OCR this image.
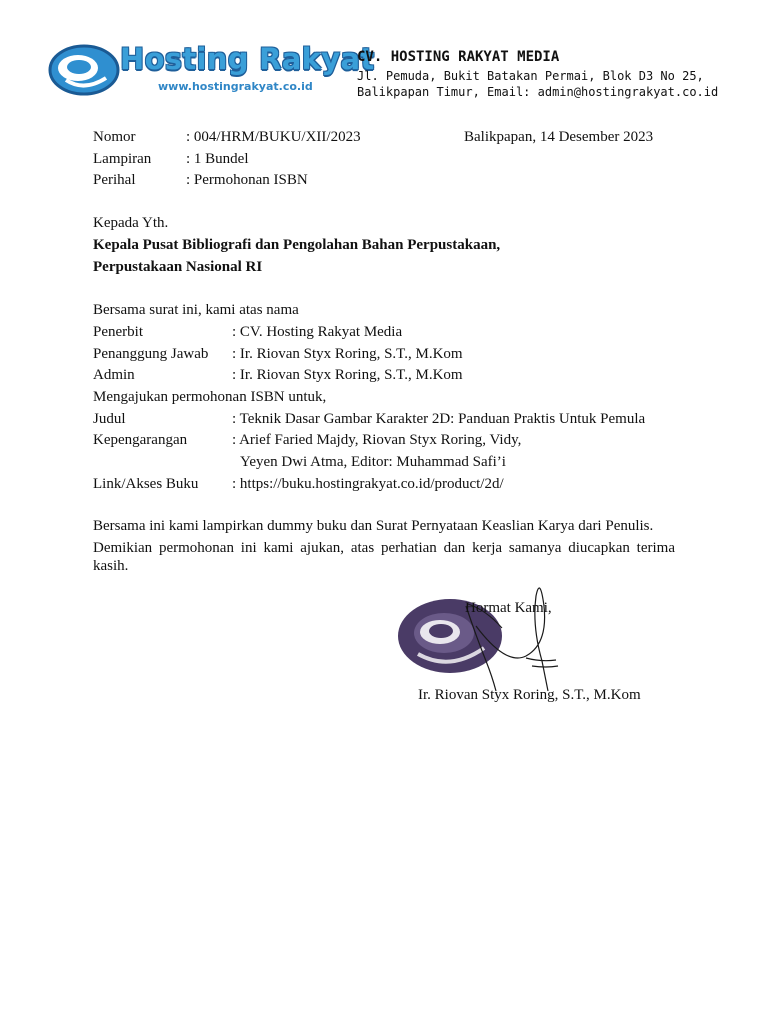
Hosting Rakyat
www.hostingrakyat.co.id
CV. HOSTING RAKYAT MEDIA
Jl. Pemuda, Bukit Batakan Permai, Blok D3 No 25,
Balikpapan Timur, Email: admin@hostingrakyat.co.id
Nomor	: 004/HRM/BUKU/XII/2023	Balikpapan, 14 Desember 2023
Lampiran : 1 Bundel
Perihal	: Permohonan ISBN
Kepada Yth.
Kepala Pusat Bibliografi dan Pengolahan Bahan Perpustakaan,
Perpustakaan Nasional RI
Bersama surat ini, kami atas nama
Penerbit	: CV. Hosting Rakyat Media
Penanggung Jawab : Ir. Riovan Styx Roring, S.T., M.Kom
Admin	: Ir. Riovan Styx Roring, S.T., M.Kom
Mengajukan permohonan ISBN untuk,
Judul	: Teknik Dasar Gambar Karakter 2D: Panduan Praktis Untuk Pemula
Kepengarangan	: Arief Faried Majdy, Riovan Styx Roring, Vidy,
Yeyen Dwi Atma, Editor: Muhammad Safi’i
Link/Akses Buku : https://buku.hostingrakyat.co.id/product/2d/
Bersama ini kami lampirkan dummy buku dan Surat Pernyataan Keaslian Karya dari Penulis.
Demikian permohonan ini kami ajukan, atas perhatian dan kerja samanya diucapkan terima kasih.
Hormat Kami,
Ir. Riovan Styx Roring, S.T., M.Kom
